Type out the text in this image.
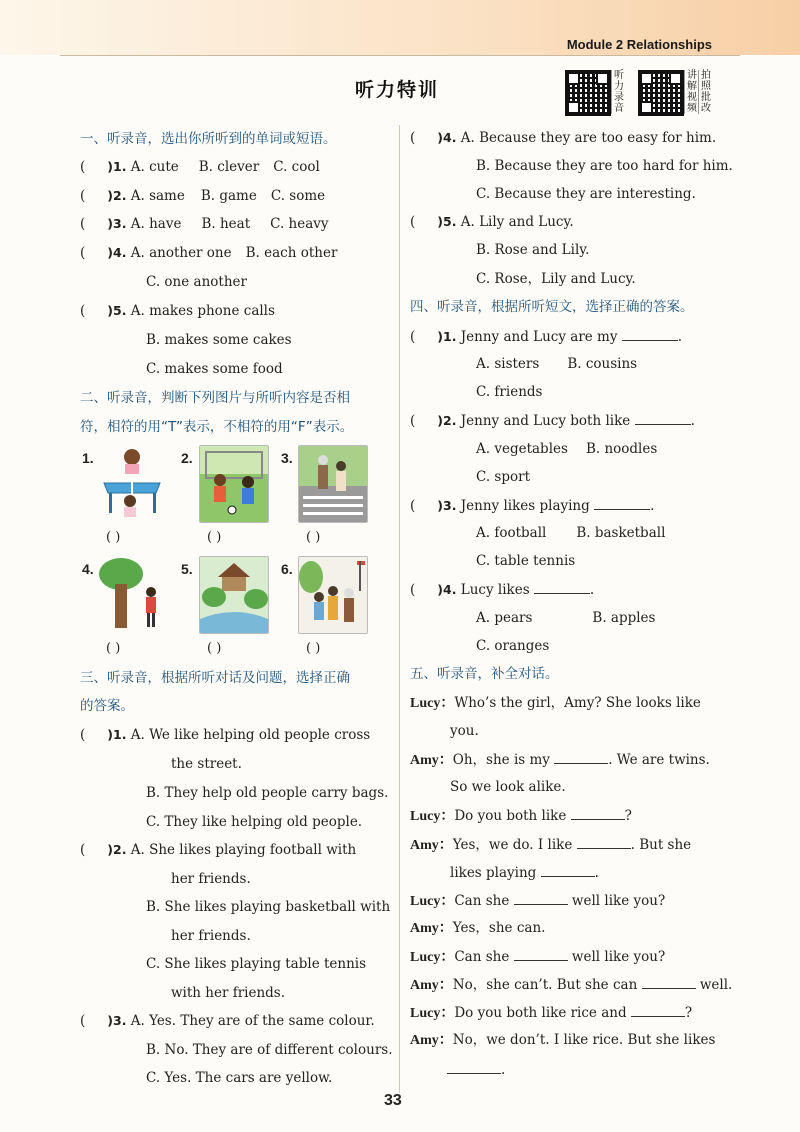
Module 2 Relationships
听力特训
听力录音
讲解视频
拍照批改
一、听录音，选出你所听到的单词或短语。
( )1. A. cute B. clever C. cool
( )2. A. same B. game C. some
( )3. A. have B. heat C. heavy
( )4. A. another one B. each other
C. one another
( )5. A. makes phone calls
B. makes some cakes
C. makes some food
二、听录音，判断下列图片与所听内容是否相
符，相符的用“T”表示，不相符的用“F”表示。
1.	2.	3.
4.	5.	6.
( )	( )	( )
( )	( )	( )
三、听录音，根据所听对话及问题，选择正确
的答案。
( )1. A. We like helping old people cross
the street.
B. They help old people carry bags.
C. They like helping old people.
( )2. A. She likes playing football with
her friends.
B. She likes playing basketball with
her friends.
C. She likes playing table tennis
with her friends.
( )3. A. Yes. They are of the same colour.
B. No. They are of different colours.
C. Yes. The cars are yellow.
( )4. A. Because they are too easy for him.
B. Because they are too hard for him.
C. Because they are interesting.
( )5. A. Lily and Lucy.
B. Rose and Lily.
C. Rose，Lily and Lucy.
四、听录音，根据所听短文，选择正确的答案。
( )1. Jenny and Lucy are my	.
A. sisters B. cousins
C. friends
( )2. Jenny and Lucy both like	.
A. vegetables B. noodles
C. sport
( )3. Jenny likes playing	.
A. football B. basketball
C. table tennis
( )4. Lucy likes	.
A. pears	B. apples
C. oranges
五、听录音，补全对话。
Lucy：Who’s the girl，Amy? She looks like
you.
Amy：Oh，she is my	. We are twins.
So we look alike.
Lucy：Do you both like	?
Amy：Yes，we do. I like	. But she
likes playing	.
Lucy：Can she	well like you?
Amy：Yes，she can.
Lucy：Can she	well like you?
Amy：No，she can’t. But she can	well.
Lucy：Do you both like rice and	?
Amy：No，we don’t. I like rice. But she likes
.
33
